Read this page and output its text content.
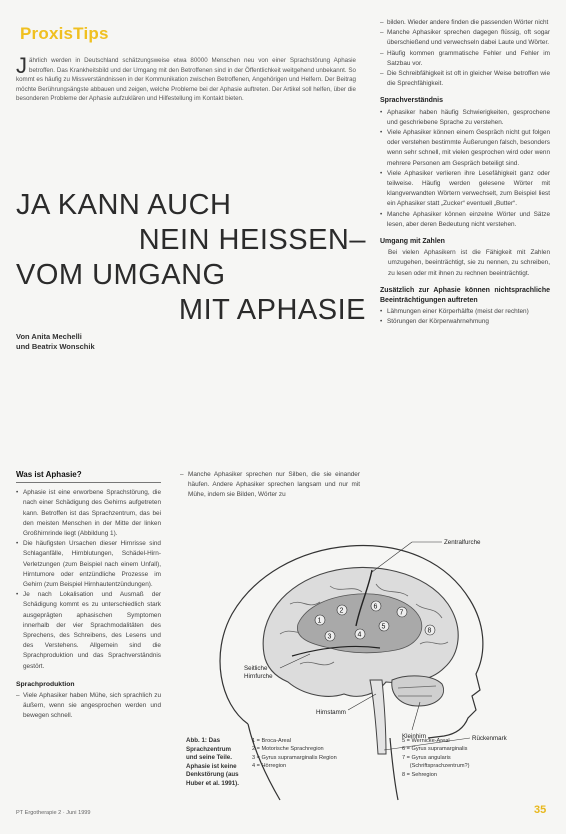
ProxisTips
Jährlich werden in Deutschland schätzungsweise etwa 80000 Menschen neu von einer Sprachstörung Aphasie betroffen. Das Krankheitsbild und der Umgang mit den Betroffenen sind in der Öffentlichkeit weitgehend unbekannt. So kommt es häufig zu Missverständnissen in der Kommunikation zwischen Betroffenen, Angehörigen und Helfern. Der Beitrag möchte Berührungsängste abbauen und zeigen, welche Probleme bei der Aphasie auftreten. Der Artikel soll helfen, über die besonderen Probleme der Aphasie aufzuklären und Hilfestellung im Kontakt bieten.
JA KANN AUCH
NEIN HEISSEN–
VOM UMGANG
MIT APHASIE
Von Anita Mechelli
und Beatrix Wonschik
– bilden. Wieder andere finden die passenden Wörter nicht
– Manche Aphasiker sprechen dagegen flüssig, oft sogar überschießend und verwechseln dabei Laute und Wörter.
– Häufig kommen grammatische Fehler und Fehler im Satzbau vor.
– Die Schreibfähigkeit ist oft in gleicher Weise betroffen wie die Sprechfähigkeit.
Sprachverständnis
• Aphasiker haben häufig Schwierigkeiten, gesprochene und geschriebene Sprache zu verstehen.
• Viele Aphasiker können einem Gespräch nicht gut folgen oder verstehen bestimmte Äußerungen falsch, besonders wenn sehr schnell, mit vielen gesprochen wird oder wenn mehrere Personen am Gespräch beteiligt sind.
• Viele Aphasiker verlieren ihre Lesefähigkeit ganz oder teilweise. Häufig werden gelesene Wörter mit klangverwandten Wörtern verwechselt, zum Beispiel liest ein Aphasiker statt „Zucker“ eventuell „Butter“.
• Manche Aphasiker können einzelne Wörter und Sätze lesen, aber deren Bedeutung nicht verstehen.
Umgang mit Zahlen

Bei vielen Aphasikern ist die Fähigkeit mit Zahlen umzugehen, beeinträchtigt, sie zu nennen, zu schreiben, zu lesen oder mit ihnen zu rechnen beeinträchtigt.

Zusätzlich zur Aphasie können nichtsprachliche Beeinträchtigungen auftreten
• Lähmungen einer Körperhälfte (meist der rechten)
• Störungen der Körperwahrnehmung
Was ist Aphasie?
• Aphasie ist eine erworbene Sprachstörung, die nach einer Schädigung des Gehirns aufgetreten kann. Betroffen ist das Sprachzentrum, das bei den meisten Menschen in der Mitte der linken Großhirnrinde liegt (Abbildung 1).
• Die häufigsten Ursachen dieser Hirnrisse sind Schlaganfälle, Hirnblutungen, Schädel-Hirn-Verletzungen (zum Beispiel nach einem Unfall), Hirntumore oder entzündliche Prozesse im Gehirn (zum Beispiel Hirnhautentzündungen).
• Je nach Lokalisation und Ausmaß der Schädigung kommt es zu unterschiedlich stark ausgeprägten aphasischen Symptomen innerhalb der vier Sprachmodalitäten des Sprechens, des Schreibens, des Lesens und des Verstehens. Allgemein sind die Sprachproduktion und das Sprachverständnis gestört.
Sprachproduktion
– Viele Aphasiker haben Mühe, sich sprachlich zu äußern, wenn sie angesprochen werden und bewegen schnell.
– Manche Aphasiker sprechen nur Silben, die sie einander häufen. Andere Aphasiker sprechen langsam und nur mit Mühe, indem sie Bilden, Wörter zu
1
2
3	4
5
6
7
8
Zentralfurche
Seitliche
Hirnfurche
Hirnstamm
Kleinhirn	Rückenmark
Abb. 1: Das Sprachzentrum und seine Teile. Aphasie ist keine Denkstörung (aus Huber et al. 1991).
1 = Broca-Areal
2 = Motorische Sprachregion
3 = Gyrus supramarginalis Region
4 = Hörregion
5 = Wernicke-Areal
6 = Gyrus supramarginalis
7 = Gyrus angularis
(Schriftsprachzentrum?)
8 = Sehregion
PT Ergotherapie 2 · Juni 1999	35
